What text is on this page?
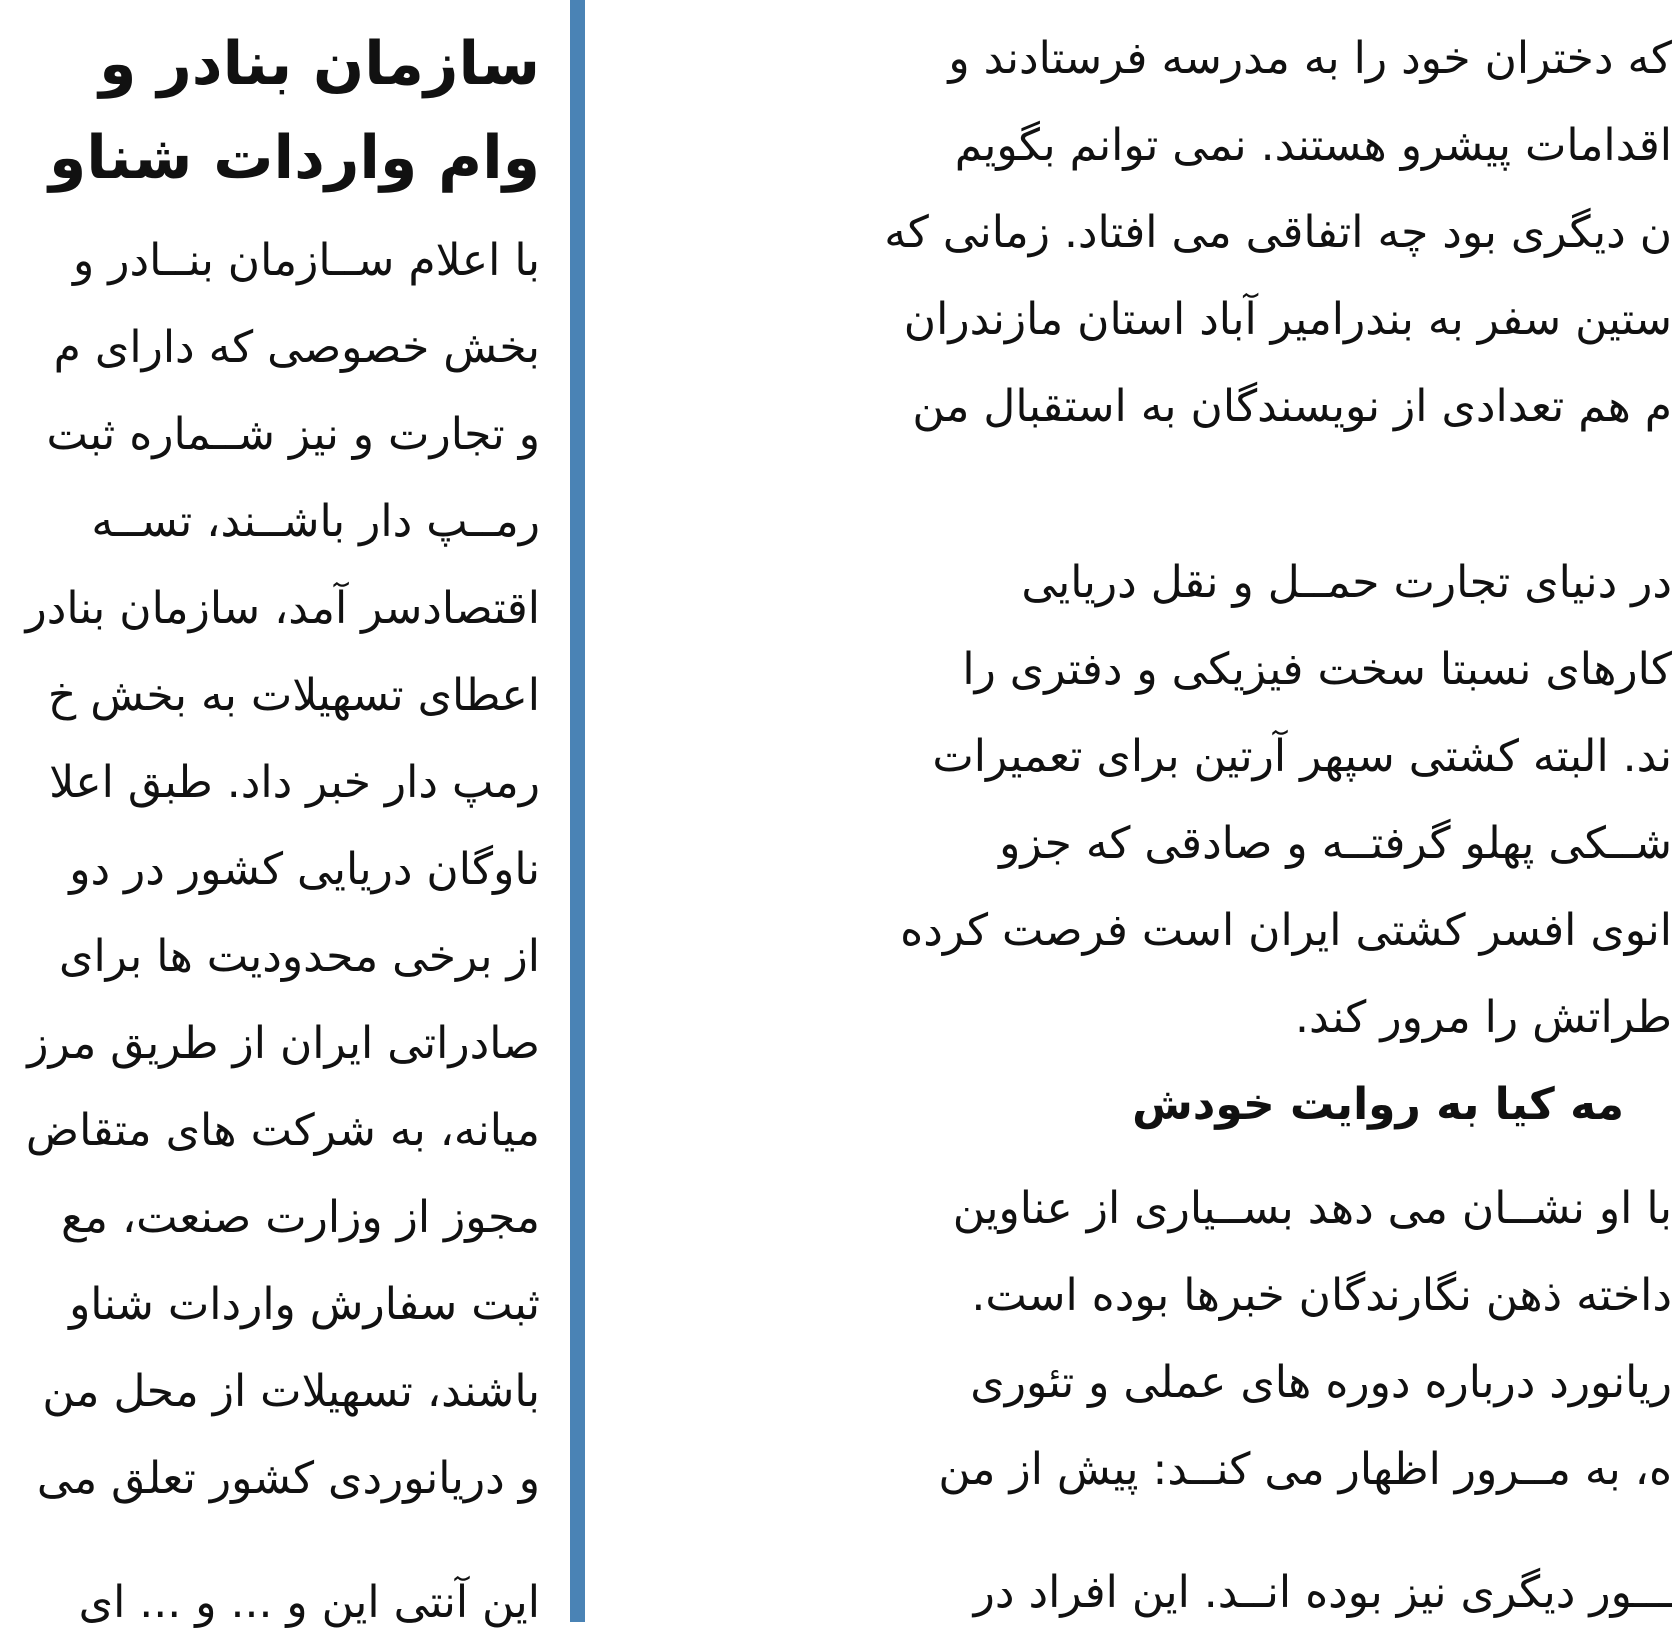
سازمان بنادر و
وام واردات شناو
با اعلام ســازمان بنــادر و
بخش خصوصی که دارای م
و تجارت و نیز شــماره ثبت
رمــپ دار باشــند، تســه
اقتصادسر آمد، سازمان بنادر
اعطای تسهیلات به بخش خ
رمپ دار خبر داد. طبق اعلا
ناوگان دریایی کشور در دو
از برخی محدودیت ها برای
صادراتی ایران از طریق مرز
میانه، به شرکت های متقاض
مجوز از وزارت صنعت، مع
ثبت سفارش واردات شناو
باشند، تسهیلات از محل من
و دریانوردی کشور تعلق می
این آنتی این و ... و ... ای
که دختران خود را به مدرسه فرستادند و
اقدامات پیشرو هستند. نمی توانم بگویم
ن دیگری بود چه اتفاقی می افتاد. زمانی که
ستین سفر به بندرامیر آباد استان مازندران
م هم تعدادی از نویسندگان به استقبال من
در دنیای تجارت حمــل و نقل دریایی
کارهای نسبتا سخت فیزیکی و دفتری را
ند. البته کشتی سپهر آرتین برای تعمیرات
شــکی پهلو گرفتــه و صادقی که جزو
انوی افسر کشتی ایران است فرصت کرده
طراتش را مرور کند.
مه کیا به روایت خودش
با او نشــان می دهد بســیاری از عناوین
داخته ذهن نگارندگان خبرها بوده است.
ریانورد درباره دوره های عملی و تئوری
ه، به مــرور اظهار می کنــد: پیش از من
ـــور دیگری نیز بوده انــد. این افراد در
